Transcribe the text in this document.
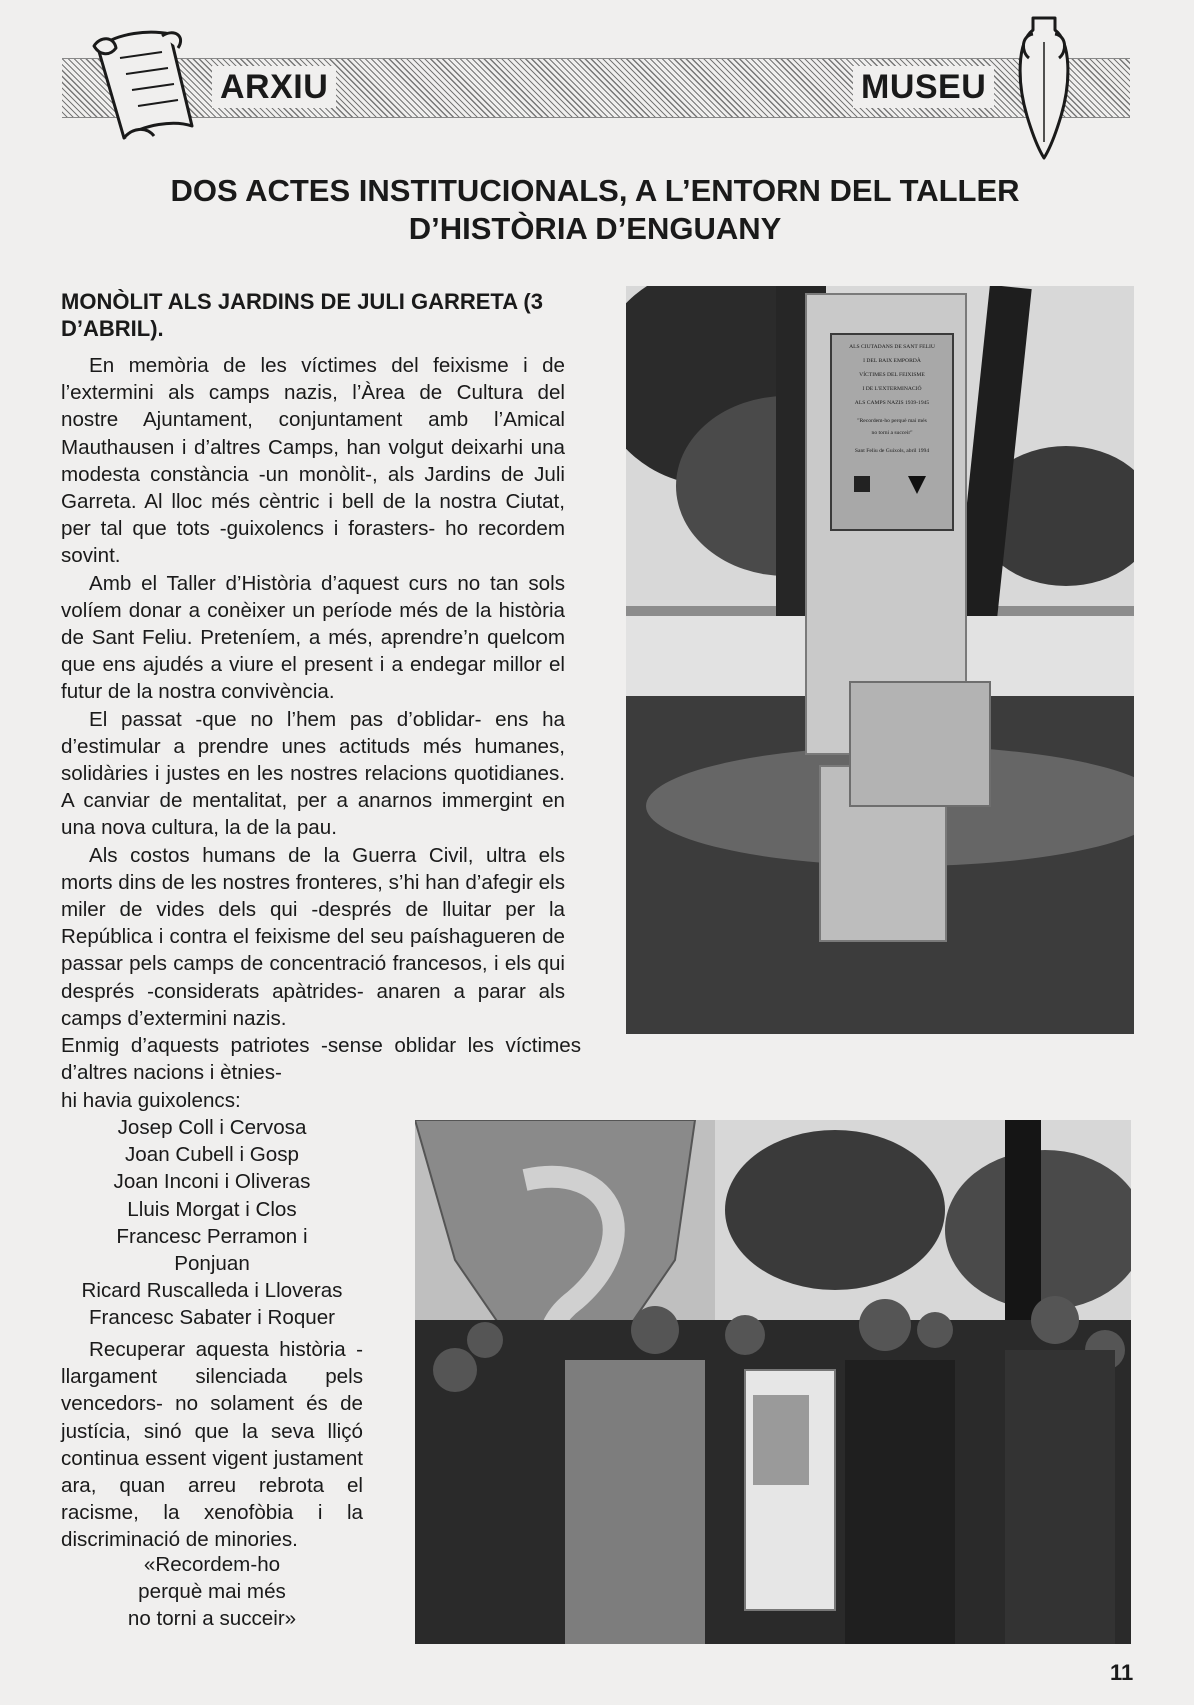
ARXIU	MUSEU
DOS ACTES INSTITUCIONALS, A L’ENTORN DEL TALLER
D’HISTÒRIA D’ENGUANY
MONÒLIT ALS JARDINS DE JULI GARRETA (3 D’ABRIL).

En memòria de les víctimes del feixisme i de l’extermini als camps nazis, l’Àrea de Cultura del nostre Ajuntament, conjuntament amb l’Amical Mauthausen i d’altres Camps, han volgut deixarhi una modesta constància -un monòlit-, als Jardins de Juli Garreta. Al lloc més cèntric i bell de la nostra Ciutat, per tal que tots -guixolencs i forasters- ho recordem sovint.

Amb el Taller d’Història d’aquest curs no tan sols volíem donar a conèixer un període més de la història de Sant Feliu. Preteníem, a més, aprendre’n quelcom que ens ajudés a viure el present i a endegar millor el futur de la nostra convivència.

El passat -que no l’hem pas d’oblidar- ens ha d’estimular a prendre unes actituds més humanes, solidàries i justes en les nostres relacions quotidianes. A canviar de mentalitat, per a anarnos immergint en una nova cultura, la de la pau.

Als costos humans de la Guerra Civil, ultra els morts dins de les nostres fronteres, s’hi han d’afegir els miler de vides dels qui -després de lluitar per la República i contra el feixisme del seu paíshagueren de passar pels camps de concentració francesos, i els qui després -considerats apàtrides- anaren a parar als camps d’extermini nazis.

Enmig d’aquests patriotes -sense oblidar les víctimes d’altres nacions i ètnies-

hi havia guixolencs:
Josep Coll i Cervosa
Joan Cubell i Gosp
Joan Inconi i Oliveras
Lluis Morgat i Clos
Francesc Perramon i
Ponjuan
Ricard Ruscalleda i Lloveras
Francesc Sabater i Roquer

Recuperar aquesta història -llargament silenciada pels vencedors- no solament és de justícia, sinó que la seva lliçó continua essent vigent justament ara, quan arreu rebrota el racisme, la xenofòbia i la discriminació de minories.

«Recordem-ho
perquè mai més
no torni a succeir»
ALS CIUTADANS DE SANT FELIU
I DEL BAIX EMPORDÀ
VÍCTIMES DEL FEIXISME
I DE L'EXTERMINACIÓ
ALS CAMPS NAZIS 1939-1945
"Recordem-ho perquè mai més
no torni a succeir"
Sant Feliu de Guíxols, abril 1994
11
